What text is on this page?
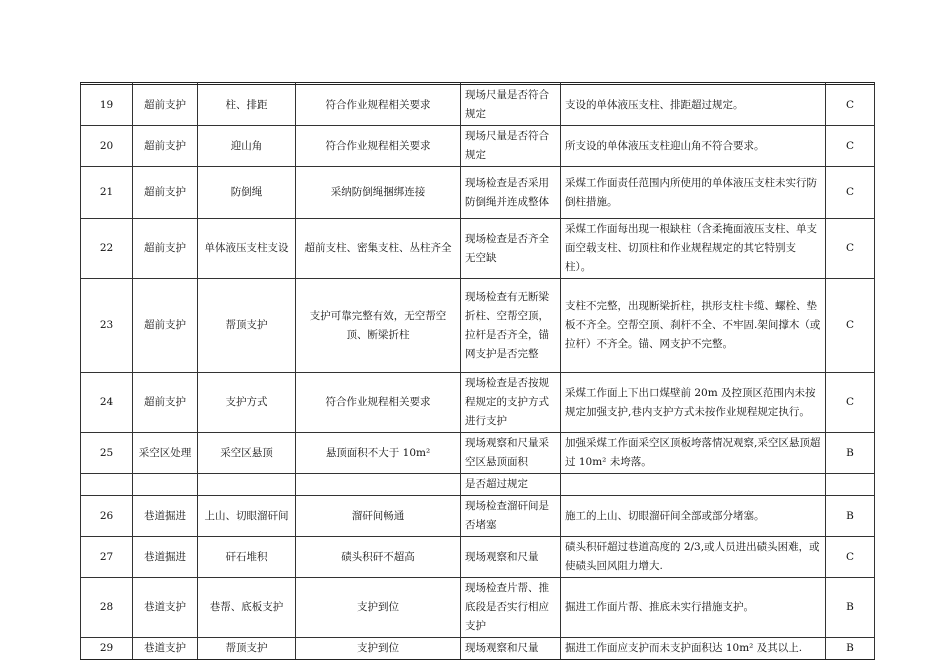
19	超前支护	柱、排距	符合作业规程相关要求	现场尺量是否符合规定	支设的单体液压支柱、排距超过规定。	C
20	超前支护	迎山角	符合作业规程相关要求	现场尺量是否符合规定	所支设的单体液压支柱迎山角不符合要求。	C
21	超前支护	防倒绳	采纳防倒绳捆绑连接	现场检查是否采用防倒绳并连成整体	采煤工作面责任范围内所使用的单体液压支柱未实行防倒柱措施。	C
22	超前支护	单体液压支柱支设	超前支柱、密集支柱、丛柱齐全	现场检查是否齐全无空缺	采煤工作面每出现一根缺柱（含柔掩面液压支柱、单支面空载支柱、切顶柱和作业规程规定的其它特别支柱）。	C
23	超前支护	帮顶支护	支护可靠完整有效，无空帮空顶、断梁折柱	现场检查有无断梁折柱、空帮空顶，拉杆是否齐全，锚网支护是否完整	支柱不完整，出现断梁折柱，拱形支柱卡缆、螺栓、垫板不齐全。空帮空顶、刹杆不全、不牢固.架间撑木（或拉杆）不齐全。锚、网支护不完整。	C
24	超前支护	支护方式	符合作业规程相关要求	现场检查是否按规程规定的支护方式进行支护	采煤工作面上下出口煤壁前 20m 及控顶区范围内未按规定加强支护,巷内支护方式未按作业规程规定执行。	C
25	采空区处理	采空区悬顶	悬顶面积不大于 10m²	现场观察和尺量采空区悬顶面积	加强采煤工作面采空区顶板垮落情况观察,采空区悬顶超过 10m² 未垮落。	B
				是否超过规定		
26	巷道掘进	上山、切眼溜矸间	溜矸间畅通	现场检查溜矸间是否堵塞	施工的上山、切眼溜矸间全部或部分堵塞。	B
27	巷道掘进	矸石堆积	碛头积矸不超高	现场观察和尺量	碛头积矸超过巷道高度的 2/3,或人员进出碛头困难，或使碛头回风阻力增大.	C
28	巷道支护	巷帮、底板支护	支护到位	现场检查片帮、推底段是否实行相应支护	掘进工作面片帮、推底未实行措施支护。	B
29	巷道支护	帮顶支护	支护到位	现场观察和尺量	掘进工作面应支护而未支护面积达 10m² 及其以上.	B
